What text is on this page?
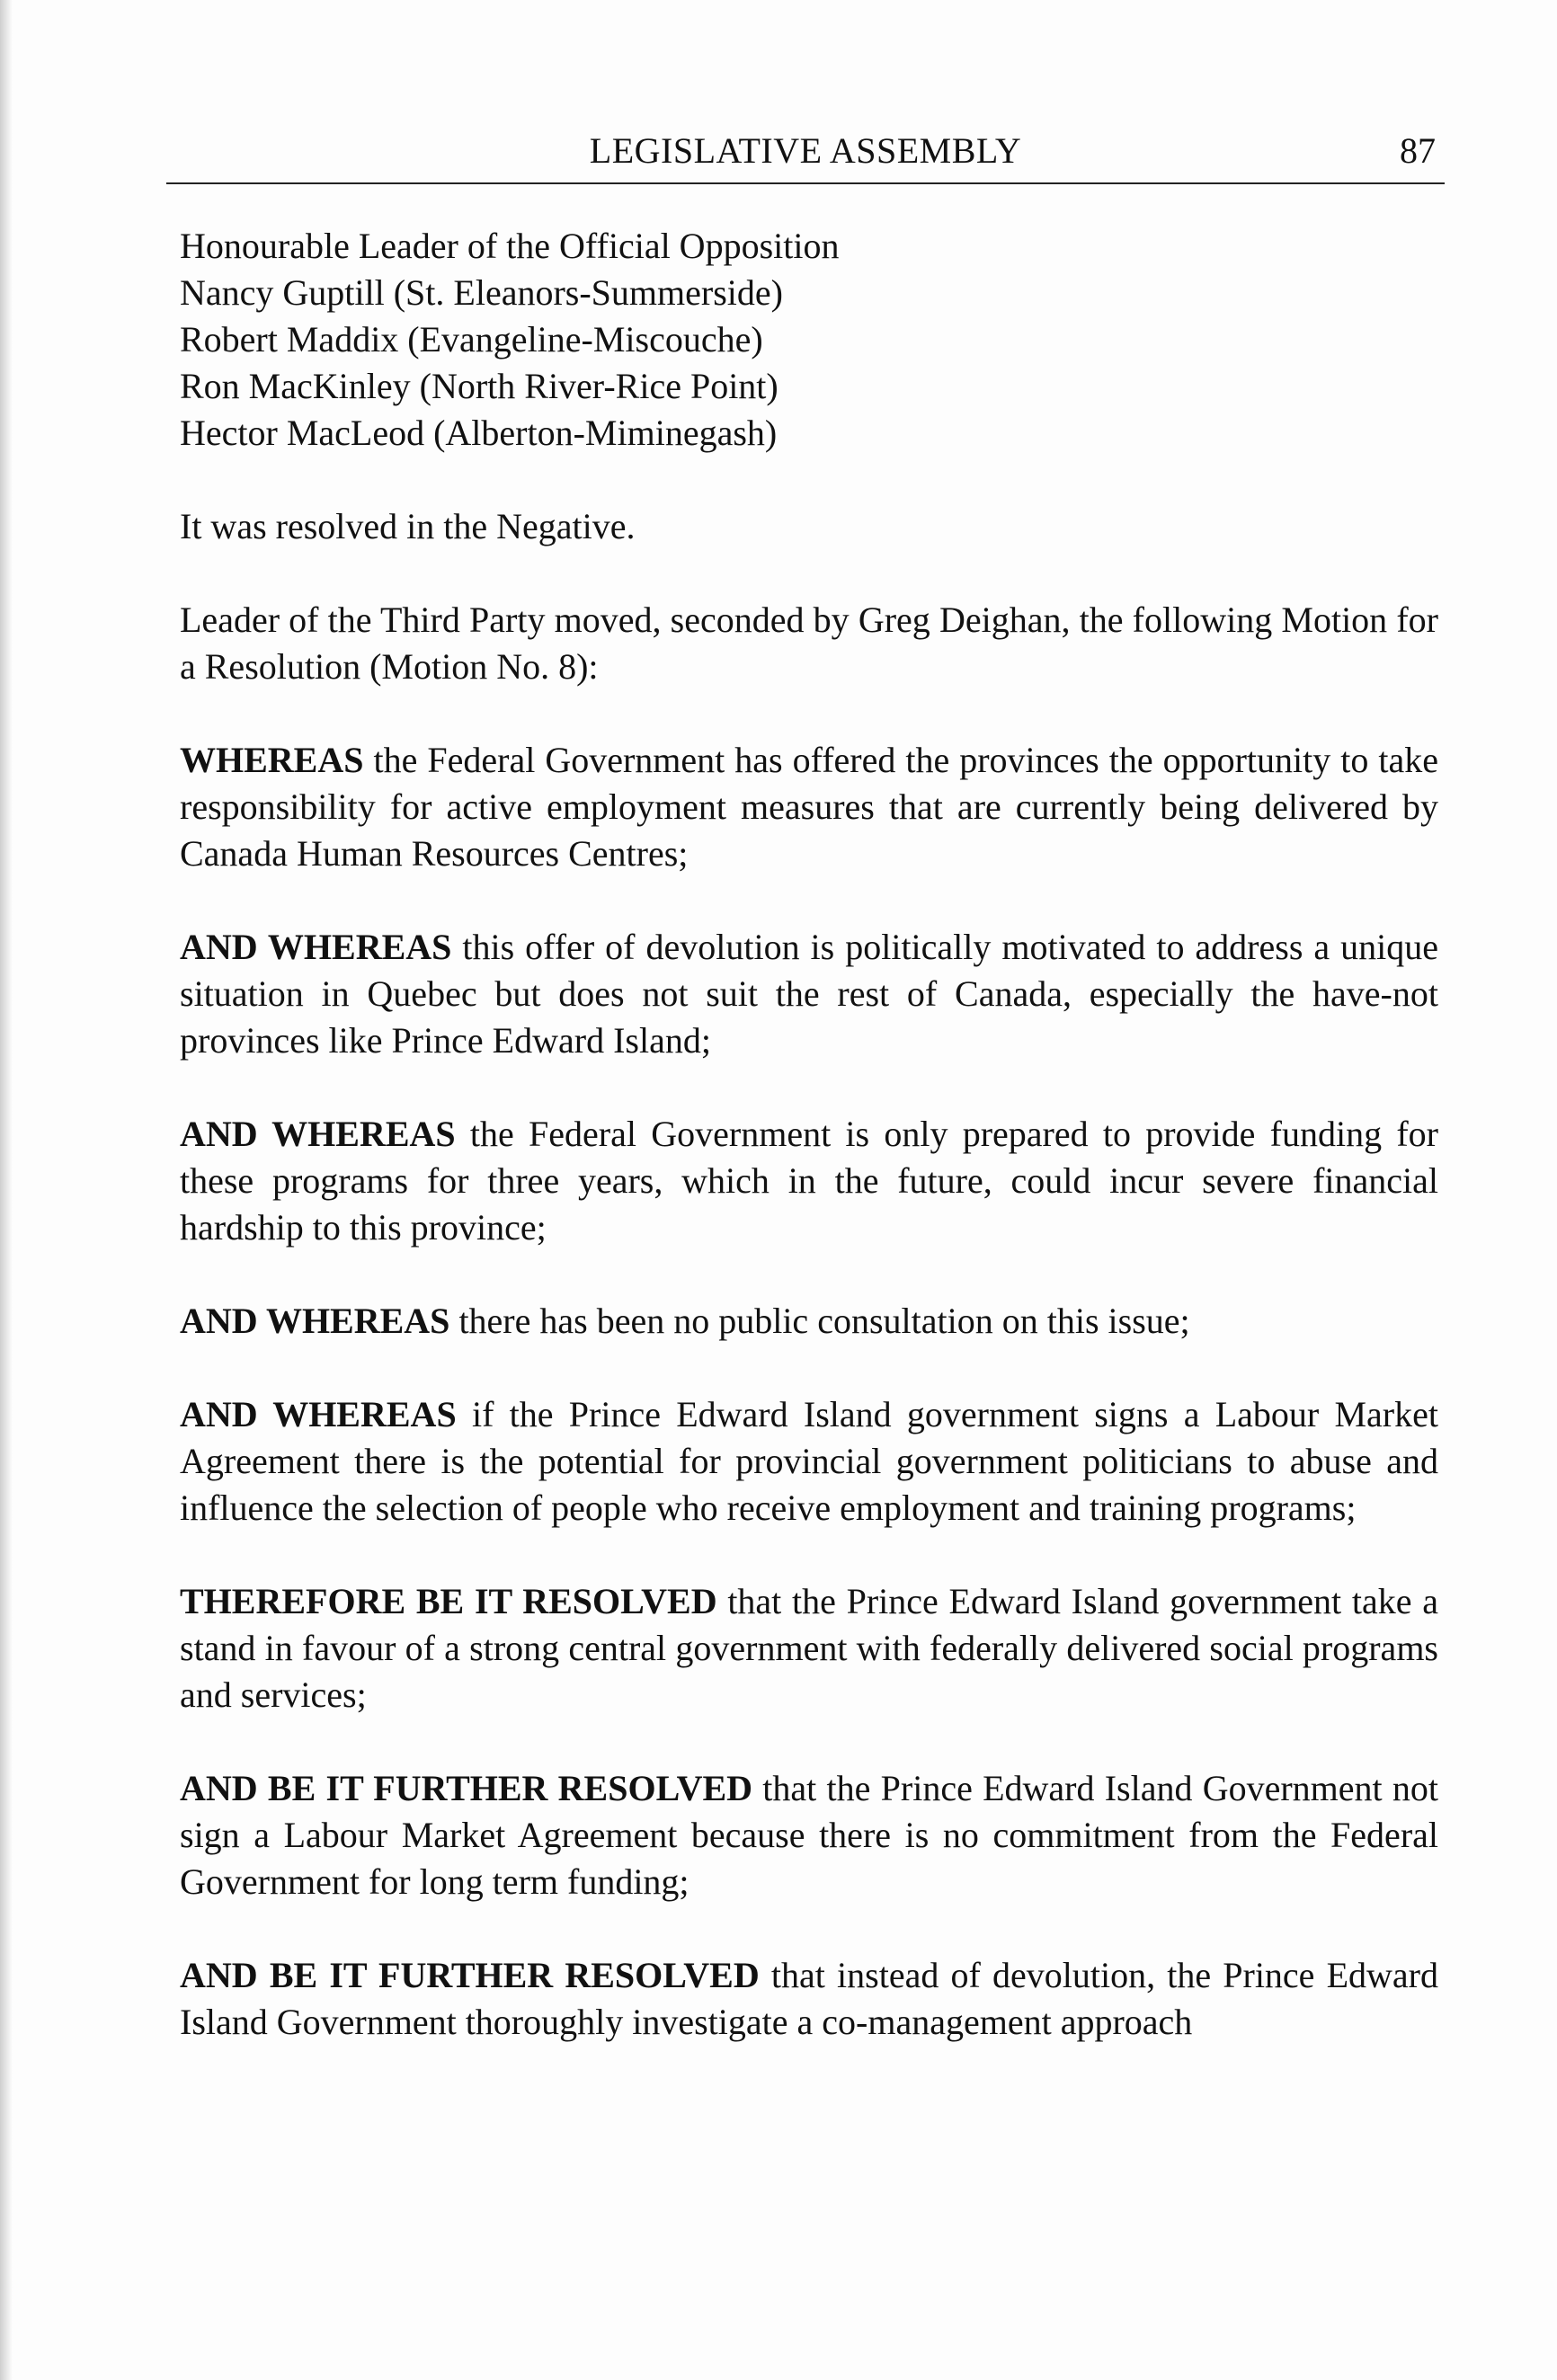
LEGISLATIVE ASSEMBLY	87

Honourable Leader of the Official Opposition

Nancy Guptill (St. Eleanors-Summerside)

Robert Maddix (Evangeline-Miscouche)

Ron MacKinley (North River-Rice Point)

Hector MacLeod (Alberton-Miminegash)

It was resolved in the Negative.

Leader of the Third Party moved, seconded by Greg Deighan, the following Motion for a Resolution (Motion No. 8):

WHEREAS the Federal Government has offered the provinces the opportunity to take responsibility for active employment measures that are currently being delivered by Canada Human Resources Centres;

AND WHEREAS this offer of devolution is politically motivated to address a unique situation in Quebec but does not suit the rest of Canada, especially the have-not provinces like Prince Edward Island;

AND WHEREAS the Federal Government is only prepared to provide funding for these programs for three years, which in the future, could incur severe financial hardship to this province;

AND WHEREAS there has been no public consultation on this issue;

AND WHEREAS if the Prince Edward Island government signs a Labour Market Agreement there is the potential for provincial government politicians to abuse and influence the selection of people who receive employment and training programs;

THEREFORE BE IT RESOLVED that the Prince Edward Island government take a stand in favour of a strong central government with federally delivered social programs and services;

AND BE IT FURTHER RESOLVED that the Prince Edward Island Government not sign a Labour Market Agreement because there is no commitment from the Federal Government for long term funding;

AND BE IT FURTHER RESOLVED that instead of devolution, the Prince Edward Island Government thoroughly investigate a co-management approach
